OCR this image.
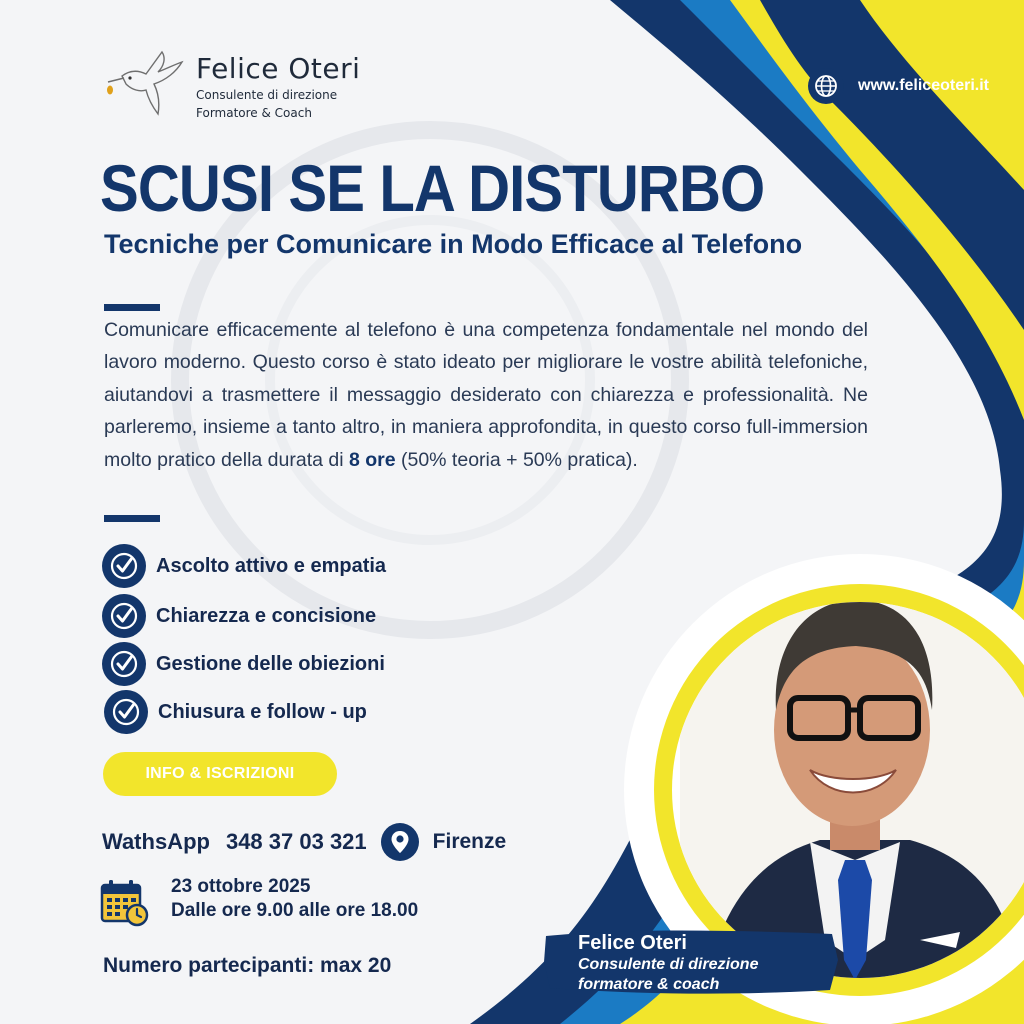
Felice Oteri
Consulente di direzione
Formatore & Coach
www.feliceoteri.it
SCUSI SE LA DISTURBO
Tecniche per Comunicare in Modo Efficace al Telefono
Comunicare efficacemente al telefono è una competenza fondamentale nel mondo del lavoro moderno. Questo corso è stato ideato per migliorare le vostre abilità telefoniche, aiutandovi a trasmettere il messaggio desiderato con chiarezza e professionalità. Ne parleremo, insieme a tanto altro, in maniera approfondita, in questo corso full-immersion molto pratico della durata di 8 ore (50% teoria + 50% pratica).
Ascolto attivo e empatia
Chiarezza e concisione
Gestione delle obiezioni
Chiusura e follow - up
INFO & ISCRIZIONI
WathsApp 348 37 03 321	Firenze
23 ottobre 2025
Dalle ore 9.00 alle ore 18.00
Numero partecipanti: max 20
Felice Oteri
Consulente di direzione
formatore & coach
